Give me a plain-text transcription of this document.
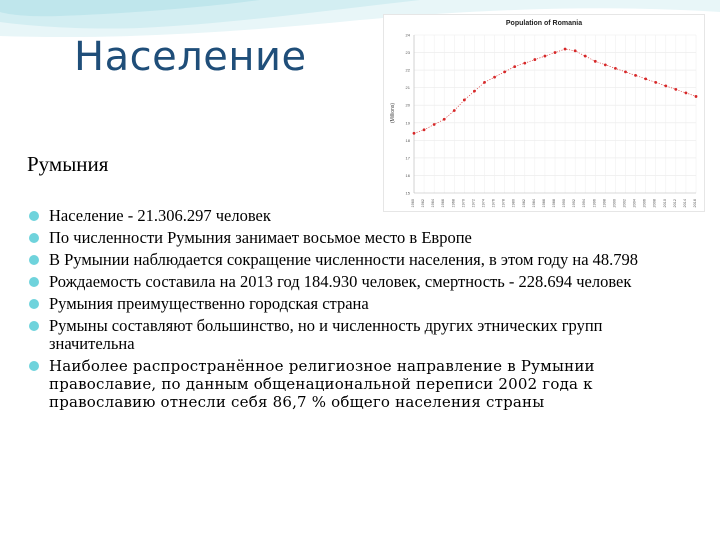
Население
Румыния
Population of Romania
(Millions)
15
16
17
18
19
20
21
22
23
24
1960 1962 1964 1966 1968 1970 1972 1974 1976 1978 1980 1982 1984 1986 1988 1990 1992 1994 1996 1998 2000 2002 2004 2006 2008 2010 2012 2014 2016
Население - 21.306.297 человек
По численности Румыния занимает восьмое место в Европе
В Румынии наблюдается сокращение численности населения, в этом году на 48.798
Рождаемость составила на 2013 год 184.930 человек, смертность - 228.694 человек
Румыния преимущественно городская страна
Румыны составляют большинство, но и численность других этнических групп значительна
Наиболее распространённое религиозное направление в Румынии православие, по данным общенациональной переписи 2002 года к православию отнесли себя 86,7 % общего населения страны
